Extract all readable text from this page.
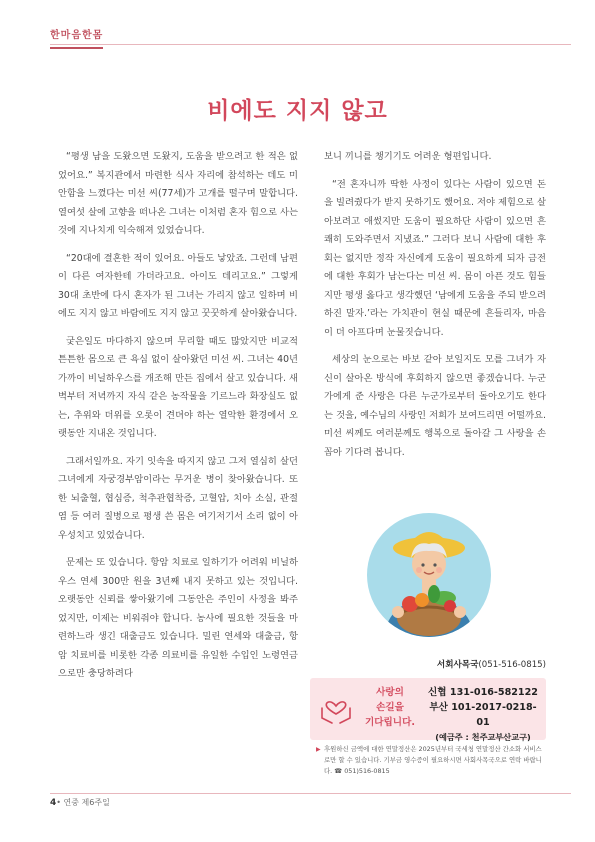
한마음한몸
비에도 지지 않고

“평생 남을 도왔으면 도왔지, 도움을 받으려고 한 적은 없었어요.” 복지관에서 마련한 식사 자리에 참석하는 데도 미안함을 느꼈다는 미선 씨(77세)가 고개를 떨구며 말합니다. 열여섯 살에 고향을 떠나온 그녀는 이처럼 혼자 힘으로 사는 것에 지나치게 익숙해져 있었습니다.

“20대에 결혼한 적이 있어요. 아들도 낳았죠. 그런데 남편이 다른 여자한테 가더라고요. 아이도 데리고요.” 그렇게 30대 초반에 다시 혼자가 된 그녀는 가리지 않고 일하며 비에도 지지 않고 바람에도 지지 않고 꿋꿋하게 살아왔습니다.

궂은일도 마다하지 않으며 무리할 때도 많았지만 비교적 튼튼한 몸으로 큰 욕심 없이 살아왔던 미선 씨. 그녀는 40년 가까이 비닐하우스를 개조해 만든 집에서 살고 있습니다. 새벽부터 저녁까지 자식 같은 농작물을 기르느라 화장실도 없는, 추위와 더위를 오롯이 견뎌야 하는 열악한 환경에서 오랫동안 지내온 것입니다.

그래서일까요. 자기 잇속을 따지지 않고 그저 열심히 살던 그녀에게 자궁경부암이라는 무거운 병이 찾아왔습니다. 또한 뇌출혈, 협심증, 척추관협착증, 고혈압, 치아 소실, 관절염 등 여러 질병으로 평생 쓴 몸은 여기저기서 소리 없이 아우성치고 있었습니다.

문제는 또 있습니다. 항암 치료로 일하기가 어려워 비닐하우스 연세 300만 원을 3년째 내지 못하고 있는 것입니다. 오랫동안 신뢰를 쌓아왔기에 그동안은 주인이 사정을 봐주었지만, 이제는 비워줘야 합니다. 농사에 필요한 것들을 마련하느라 생긴 대출금도 있습니다. 밀린 연세와 대출금, 항암 치료비를 비롯한 각종 의료비를 유일한 수입인 노령연금으로만 충당하려다

보니 끼니를 챙기기도 어려운 형편입니다.

“전 혼자니까 딱한 사정이 있다는 사람이 있으면 돈을 빌려줬다가 받지 못하기도 했어요. 저야 제힘으로 살아보려고 애썼지만 도움이 필요하단 사람이 있으면 흔쾌히 도와주면서 지냈죠.” 그러다 보니 사람에 대한 후회는 없지만 정작 자신에게 도움이 필요하게 되자 금전에 대한 후회가 남는다는 미선 씨. 몸이 아픈 것도 힘들지만 평생 옳다고 생각했던 ‘남에게 도움을 주되 받으려 하진 말자.’라는 가치관이 현실 때문에 흔들리자, 마음이 더 아프다며 눈물짓습니다.

세상의 눈으로는 바보 같아 보일지도 모를 그녀가 자신이 살아온 방식에 후회하지 않으면 좋겠습니다. 누군가에게 준 사랑은 다른 누군가로부터 돌아오기도 한다는 것을, 예수님의 사랑인 저희가 보여드리면 어떨까요. 미선 씨께도 여러분께도 행복으로 돌아갈 그 사랑을 손꼽아 기다려 봅니다.

서회사목국(051-516-0815)
사랑의
손길을
기다립니다.
신협 131-016-582122
부산 101-2017-0218-01
(예금주 : 천주교부산교구)
▶ 후원하신 금액에 대한 연말정산은 2025년부터 국세청 연말정산 간소화 서비스로만 할 수 있습니다. 기부금 영수증이 필요하시면 사회사목국으로 연락 바랍니다. ☎ 051)516-0815
4• 연중 제6주일
